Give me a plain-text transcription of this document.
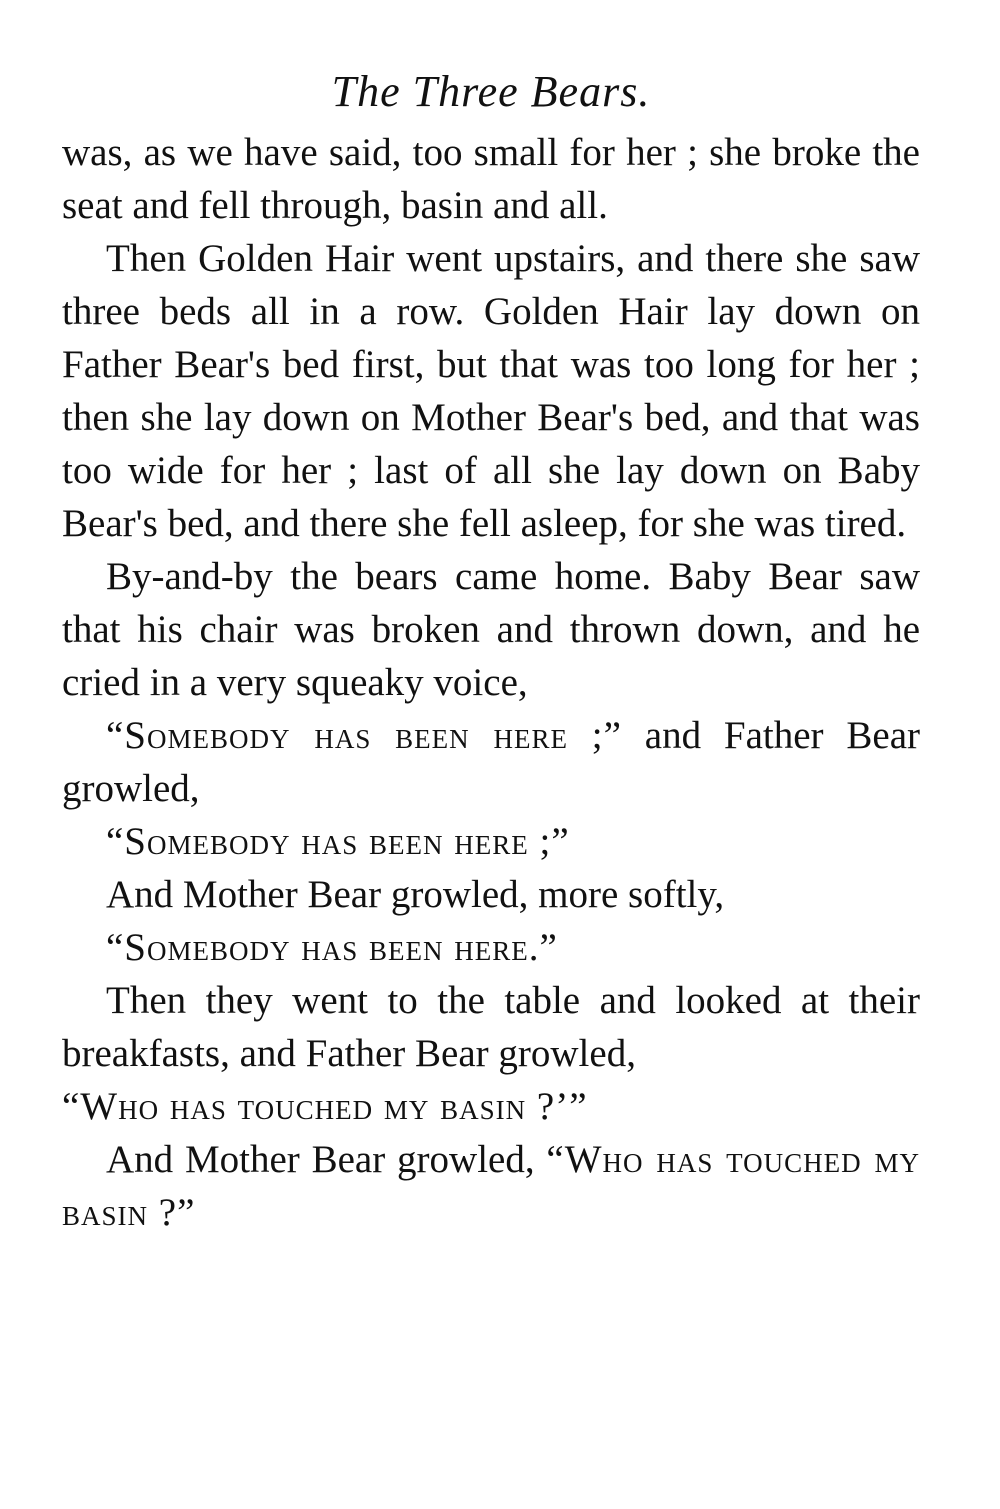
The Three Bears.

was, as we have said, too small for her ; she broke the seat and fell through, basin and all.

Then Golden Hair went upstairs, and there she saw three beds all in a row. Golden Hair lay down on Father Bear's bed first, but that was too long for her ; then she lay down on Mother Bear's bed, and that was too wide for her ; last of all she lay down on Baby Bear's bed, and there she fell asleep, for she was tired.

By-and-by the bears came home. Baby Bear saw that his chair was broken and thrown down, and he cried in a very squeaky voice,

“Somebody has been here ;” and Father Bear growled,

“Somebody has been here ;”

And Mother Bear growled, more softly,

“Somebody has been here.”

Then they went to the table and looked at their breakfasts, and Father Bear growled,

“Who has touched my basin ?’”

And Mother Bear growled, “Who has touched my basin ?”
